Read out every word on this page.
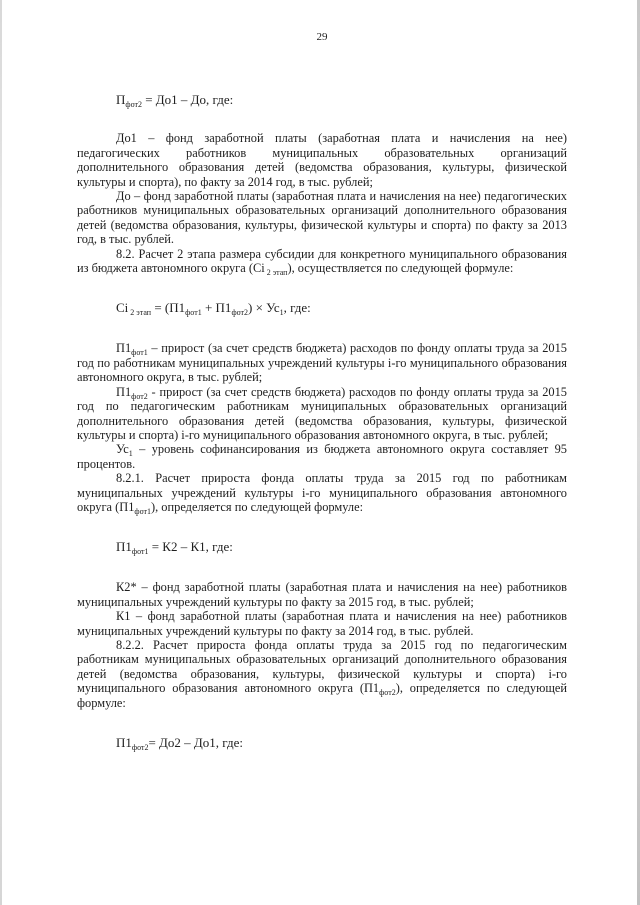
29

$П_{фот2} = До1$ – До, где:

До1 – фонд заработной платы (заработная плата и начисления на нее) педагогических работников муниципальных образовательных организаций дополнительного образования детей (ведомства образования, культуры, физической культуры и спорта), по факту за 2014 год, в тыс. рублей;

До – фонд заработной платы (заработная плата и начисления на нее) педагогических работников муниципальных образовательных организаций дополнительного образования детей (ведомства образования, культуры, физической культуры и спорта) по факту за 2013 год, в тыс. рублей.

8.2. Расчет 2 этапа размера субсидии для конкретного муниципального образования из бюджета автономного округа (Ci $_{2 этап}$), осуществляется по следующей формуле:

Ci $_{2 этап} = (П1_{фот1} + П1_{фот2}) \times Ус_1$, где:

$П1_{фот1}$ – прирост (за счет средств бюджета) расходов по фонду оплаты труда за 2015 год по работникам муниципальных учреждений культуры i-го муниципального образования автономного округа, в тыс. рублей;

$П1_{фот2}$ - прирост (за счет средств бюджета) расходов по фонду оплаты труда за 2015 год по педагогическим работникам муниципальных образовательных организаций дополнительного образования детей (ведомства образования, культуры, физической культуры и спорта) i-го муниципального образования автономного округа, в тыс. рублей;

$Ус_1$ – уровень софинансирования из бюджета автономного округа составляет 95 процентов.

8.2.1. Расчет прироста фонда оплаты труда за 2015 год по работникам муниципальных учреждений культуры i-го муниципального образования автономного округа $(П1_{фот1})$, определяется по следующей формуле:

$П1_{фот1} = К2 - К1$, где:

К2* – фонд заработной платы (заработная плата и начисления на нее) работников муниципальных учреждений культуры по факту за 2015 год, в тыс. рублей;

К1 – фонд заработной платы (заработная плата и начисления на нее) работников муниципальных учреждений культуры по факту за 2014 год, в тыс. рублей.

8.2.2. Расчет прироста фонда оплаты труда за 2015 год по педагогическим работникам муниципальных образовательных организаций дополнительного образования детей (ведомства образования, культуры, физической культуры и спорта) i-го муниципального образования автономного округа $(П1_{фот2})$, определяется по следующей формуле:

$П1_{фот2}= До2 - До1$, где:
